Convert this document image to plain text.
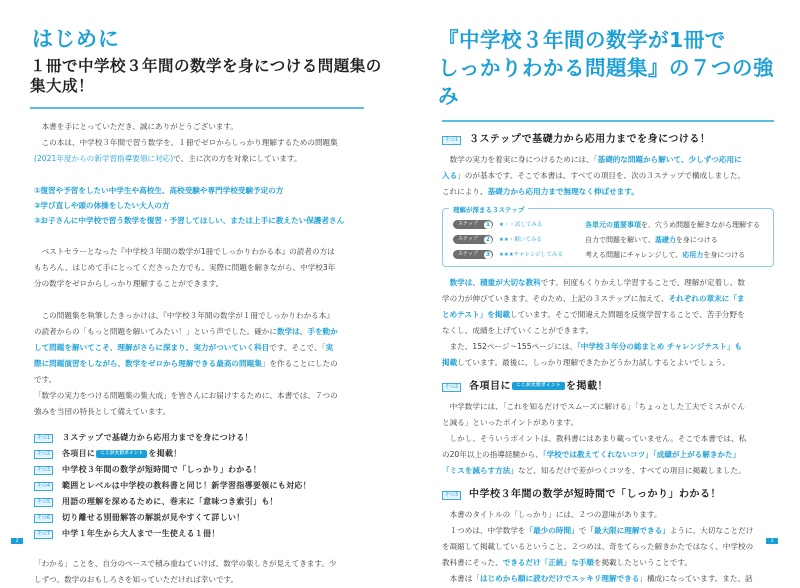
はじめに
１冊で中学校３年間の数学を身につける問題集の集大成！
本書を手にとっていただき、誠にありがとうございます。
この本は、中学校３年間で習う数学を、１冊でゼロからしっかり理解するための問題集
(2021年度からの新学習指導要領に対応)で、主に次の方を対象にしています。
①復習や予習をしたい中学生や高校生、高校受験や専門学校受験予定の方
②学び直しや頭の体操をしたい大人の方
③お子さんに中学校で習う数学を復習・予習してほしい、または上手に教えたい保護者さん
ベストセラーとなった『中学校３年間の数学が1冊でしっかりわかる本』の読者の方は
もちろん、はじめて手にとってくださった方でも、実際に問題を解きながら、中学校3年
分の数学をゼロからしっかり理解することができます。
この問題集を執筆したきっかけは、『中学校３年間の数学が１冊でしっかりわかる本』
の読者からの「もっと問題を解いてみたい！」という声でした。確かに数学は、手を動か
して問題を解いてこそ、理解がさらに深まり、実力がついていく科目です。そこで、「実
際に問題演習をしながら、数学をゼロから理解できる最高の問題集」を作ることにしたの
です。
「数学の実力をつける問題集の集大成」を皆さんにお届けするために、本書では、７つの
強みを当団の特長として備えています。
その1	３ステップで基礎力から応用力までを身につける！
その2	各項目に ここが大切ポイント を掲載！
その3	中学校３年間の数学が短時間で「しっかり」わかる！
その4	範囲とレベルは中学校の教科書と同じ！新学習指導要領にも対応！
その5	用語の理解を深めるために、巻末に「意味つき索引」も！
その6	切り離せる別冊解答の解説が見やすくて詳しい！
その7	中学１年生から大人まで一生使える１冊！
「わかる」ことを、自分のペースで積み重ねていけば、数学の楽しさが見えてきます。少
しずつ、数学のおもしろさを知っていただければ幸いです。
2
『中学校３年間の数学が1冊で
しっかりわかる問題集』の７つの強み
その1 ３ステップで基礎力から応用力までを身につける！
数学の実力を着実に身につけるためには、「基礎的な問題から解いて、少しずつ応用に
入る」のが基本です。そこで本書は、すべての項目を、次の３ステップで構成しました。
これにより、基礎力から応用力まで無理なく伸ばせます。
理解が深まる３ステップ
ステップ	1	★・・試してみる	各単元の重要事項を、穴うめ問題を解きながら理解する
ステップ	2	★★・解いてみる	自力で問題を解いて、基礎力を身につける
ステップ	3	★★★チャレンジしてみる	考える問題にチャレンジして、応用力を身につける
数学は、積重が大切な教科です。何度もくりかえし学習することで、理解が定着し、数
学の力が伸びていきます。そのため、上記の３ステップに加えて、それぞれの章末に「ま
とめテスト」を掲載しています。そこで間違えた問題を反復学習することで、苦手分野を
なくし、成績を上げていくことができます。
また、152ページ～155ページには、「中学校３年分の総まとめ チャレンジテスト」も
掲載しています。最後に、しっかり理解できたかどうか力試しするとよいでしょう。
その2 各項目に ここが大切ポイント を掲載！
中学数学には、「これを知るだけでスムーズに解ける」「ちょっとした工夫でミスがぐん
と減る」といったポイントがあります。
しかし、そういうポイントは、教科書にはあまり載っていません。そこで本書では、私
の20年以上の指導経験から、「学校では教えてくれないコツ」「成績が上がる解きかた」
「ミスを減らす方法」など、知るだけで差がつくコツを、すべての項目に掲載しました。
その3 中学校３年間の数学が短時間で「しっかり」わかる！
本書のタイトルの「しっかり」には、２つの意味があります。
１つめは、中学数学を「最少の時間」で「最大限に理解できる」ように、大切なことだけ
を凝縮して掲載しているということ。２つめは、奇をてらった解きかたではなく、中学校の
教科書にそった、できるだけ「正統」な手順を掲載したということです。
本書は「はじめから順に読むだけでスッキリ理解できる」構成になっています。また、話
3
